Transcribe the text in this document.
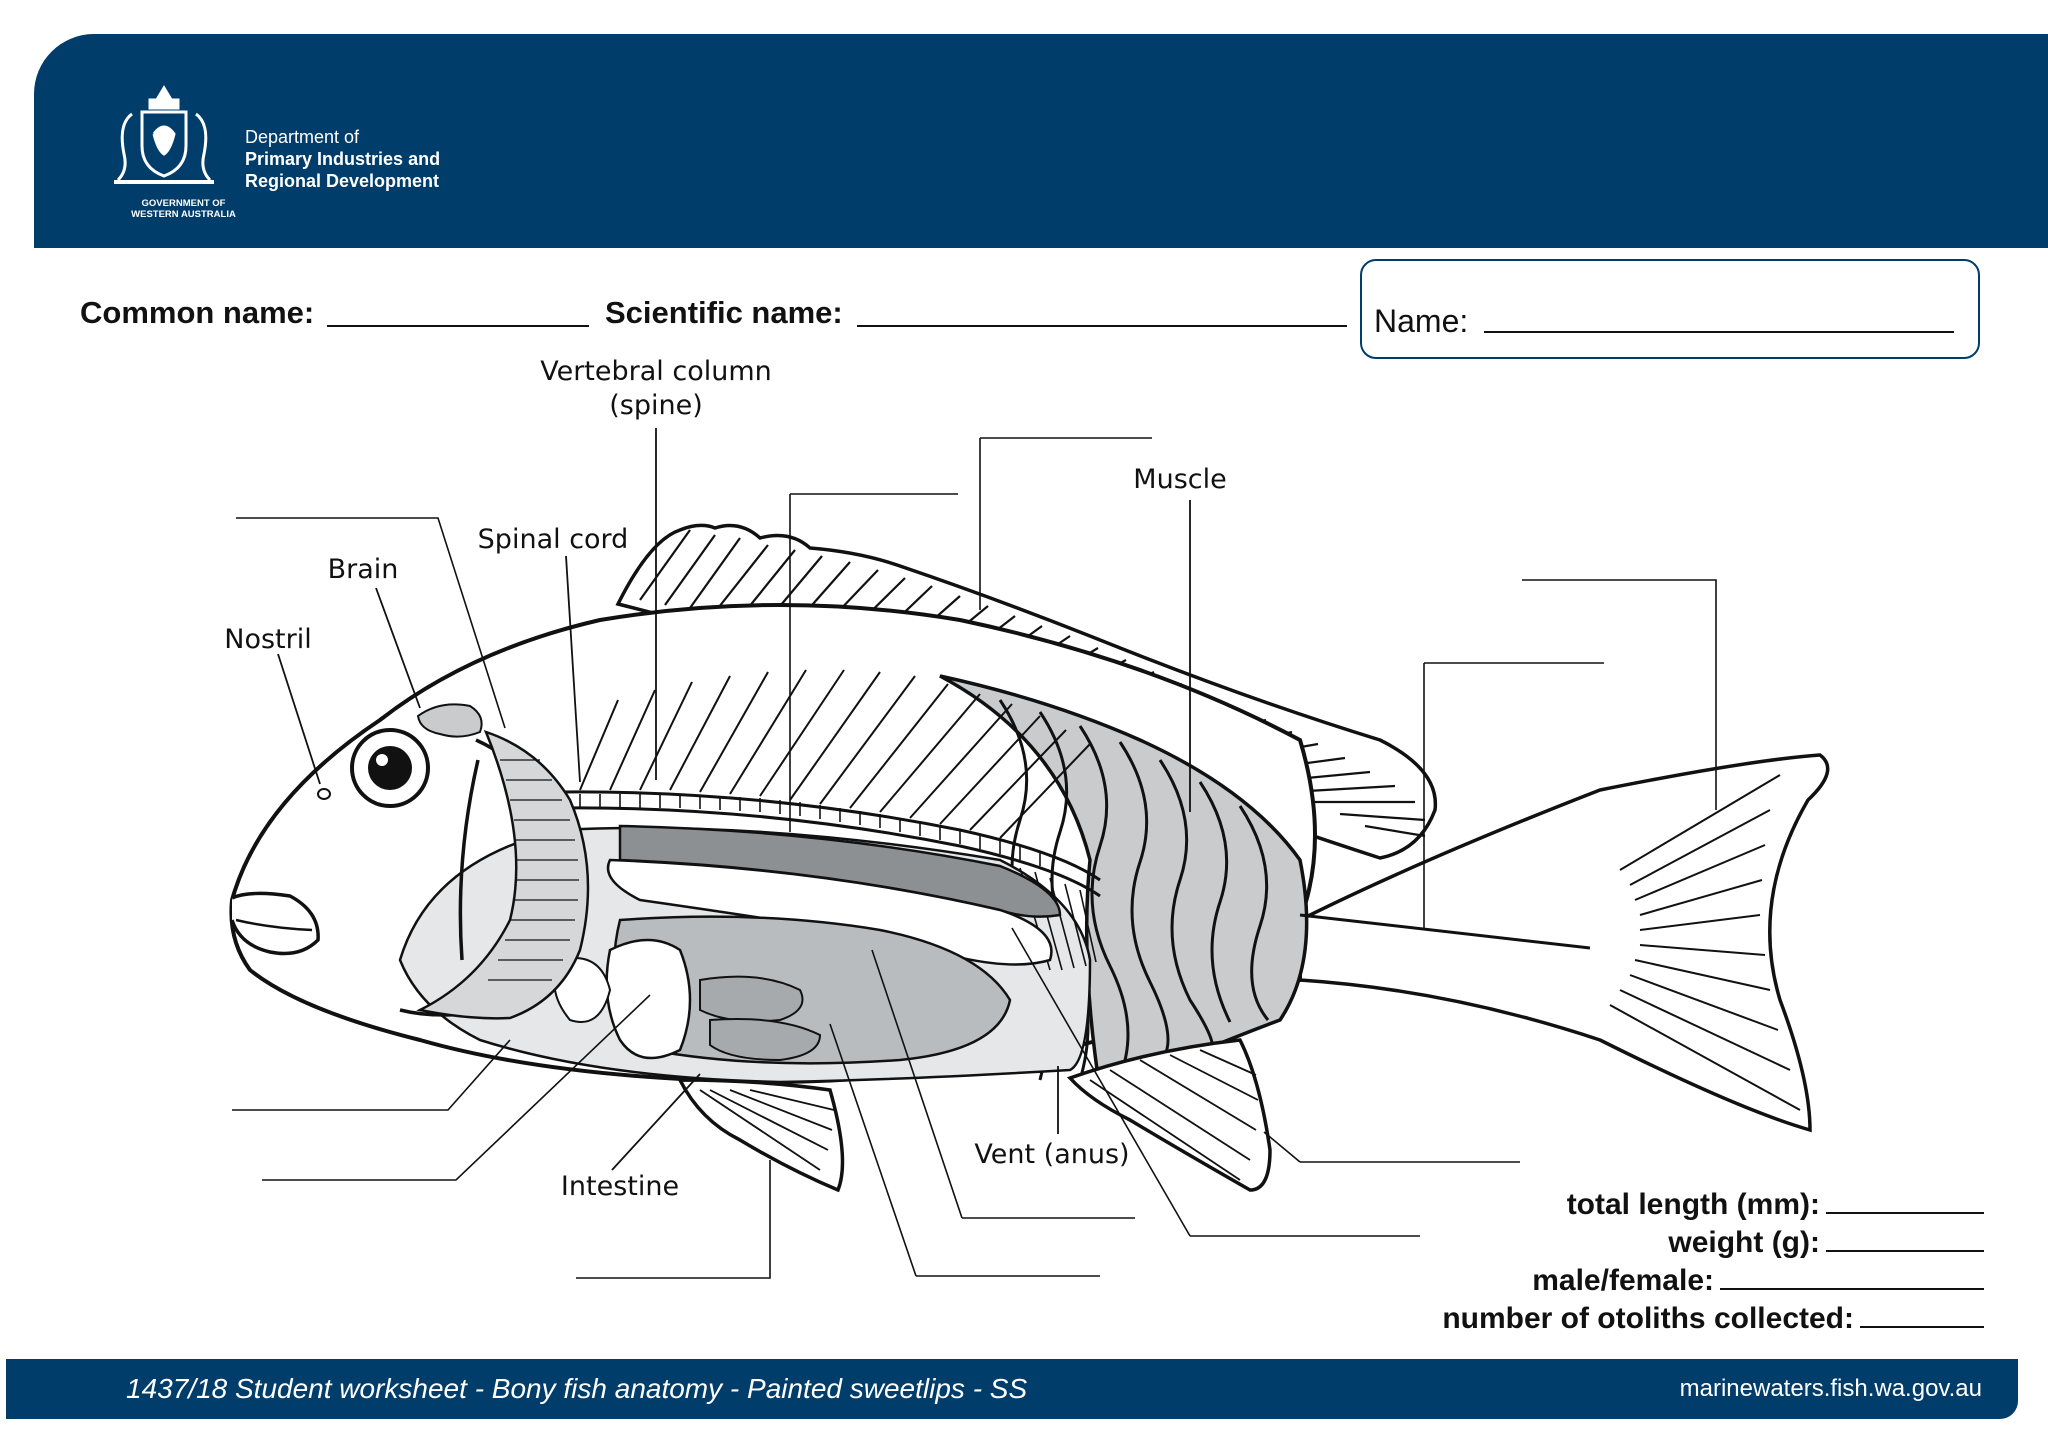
Department of
Primary Industries and
Regional Development
GOVERNMENT OF
WESTERN AUSTRALIA
Common name:	Scientific name:	Name:
Vertebral column
(spine)
Muscle
Spinal cord
Brain
Nostril
Intestine
Vent (anus)
total length (mm):
weight (g):
male/female:
number of otoliths collected:
1437/18 Student worksheet - Bony fish anatomy - Painted sweetlips - SS	marinewaters.fish.wa.gov.au
